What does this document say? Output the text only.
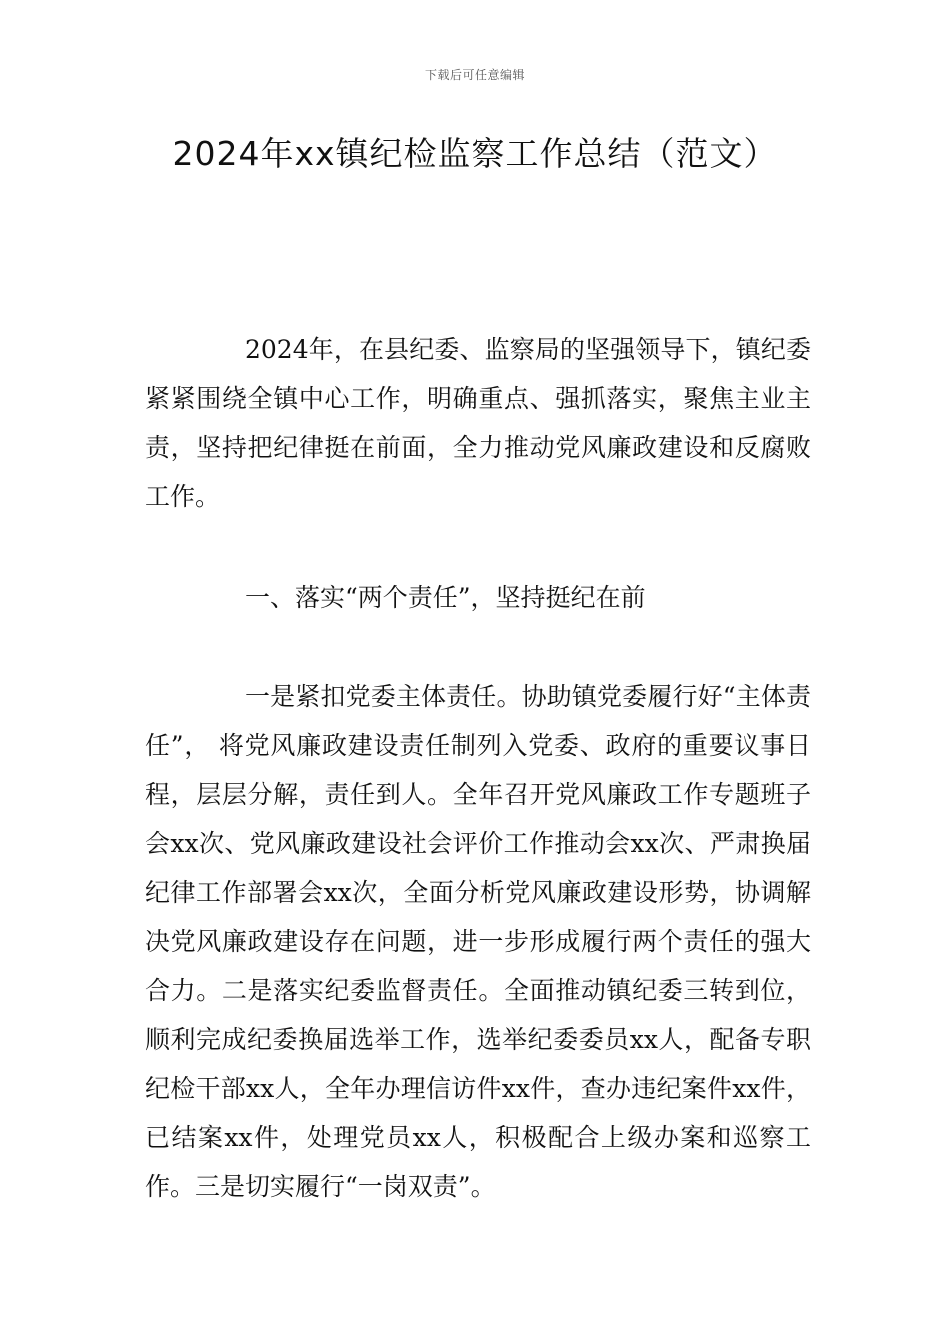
下载后可任意编辑
2024年xx镇纪检监察工作总结（范文）

2024年，在县纪委、监察局的坚强领导下，镇纪委紧紧围绕全镇中心工作，明确重点、强抓落实，聚焦主业主责，坚持把纪律挺在前面，全力推动党风廉政建设和反腐败工作。

一、落实“两个责任”，坚持挺纪在前

一是紧扣党委主体责任。协助镇党委履行好“主体责任”， 将党风廉政建设责任制列入党委、政府的重要议事日程，层层分解，责任到人。全年召开党风廉政工作专题班子会xx次、党风廉政建设社会评价工作推动会xx次、严肃换届纪律工作部署会xx次，全面分析党风廉政建设形势，协调解决党风廉政建设存在问题，进一步形成履行两个责任的强大合力。二是落实纪委监督责任。全面推动镇纪委三转到位，顺利完成纪委换届选举工作，选举纪委委员xx人，配备专职纪检干部xx人，全年办理信访件xx件，查办违纪案件xx件，已结案xx件，处理党员xx人，积极配合上级办案和巡察工作。三是切实履行“一岗双责”。
